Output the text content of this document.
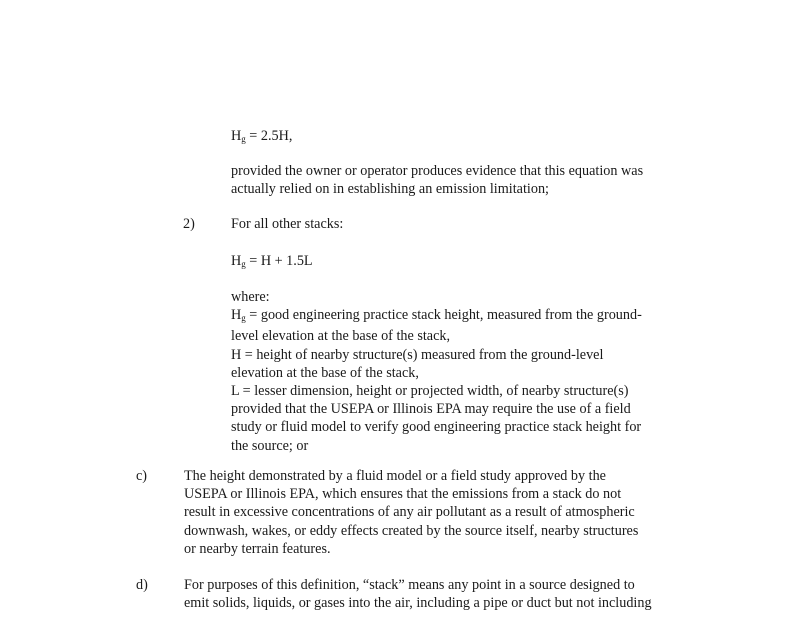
$H_g = 2.5H$,
provided the owner or operator produces evidence that this equation was
actually relied on in establishing an emission limitation;
2)	For all other stacks:
$H_g = H + 1.5L$
where:
$H_g$ = good engineering practice stack height, measured from the ground-
level elevation at the base of the stack,
H = height of nearby structure(s) measured from the ground-level
elevation at the base of the stack,
L = lesser dimension, height or projected width, of nearby structure(s)
provided that the USEPA or Illinois EPA may require the use of a field
study or fluid model to verify good engineering practice stack height for
the source; or
c)	The height demonstrated by a fluid model or a field study approved by the
USEPA or Illinois EPA, which ensures that the emissions from a stack do not
result in excessive concentrations of any air pollutant as a result of atmospheric
downwash, wakes, or eddy effects created by the source itself, nearby structures
or nearby terrain features.
d)	For purposes of this definition, “stack” means any point in a source designed to
emit solids, liquids, or gases into the air, including a pipe or duct but not including
